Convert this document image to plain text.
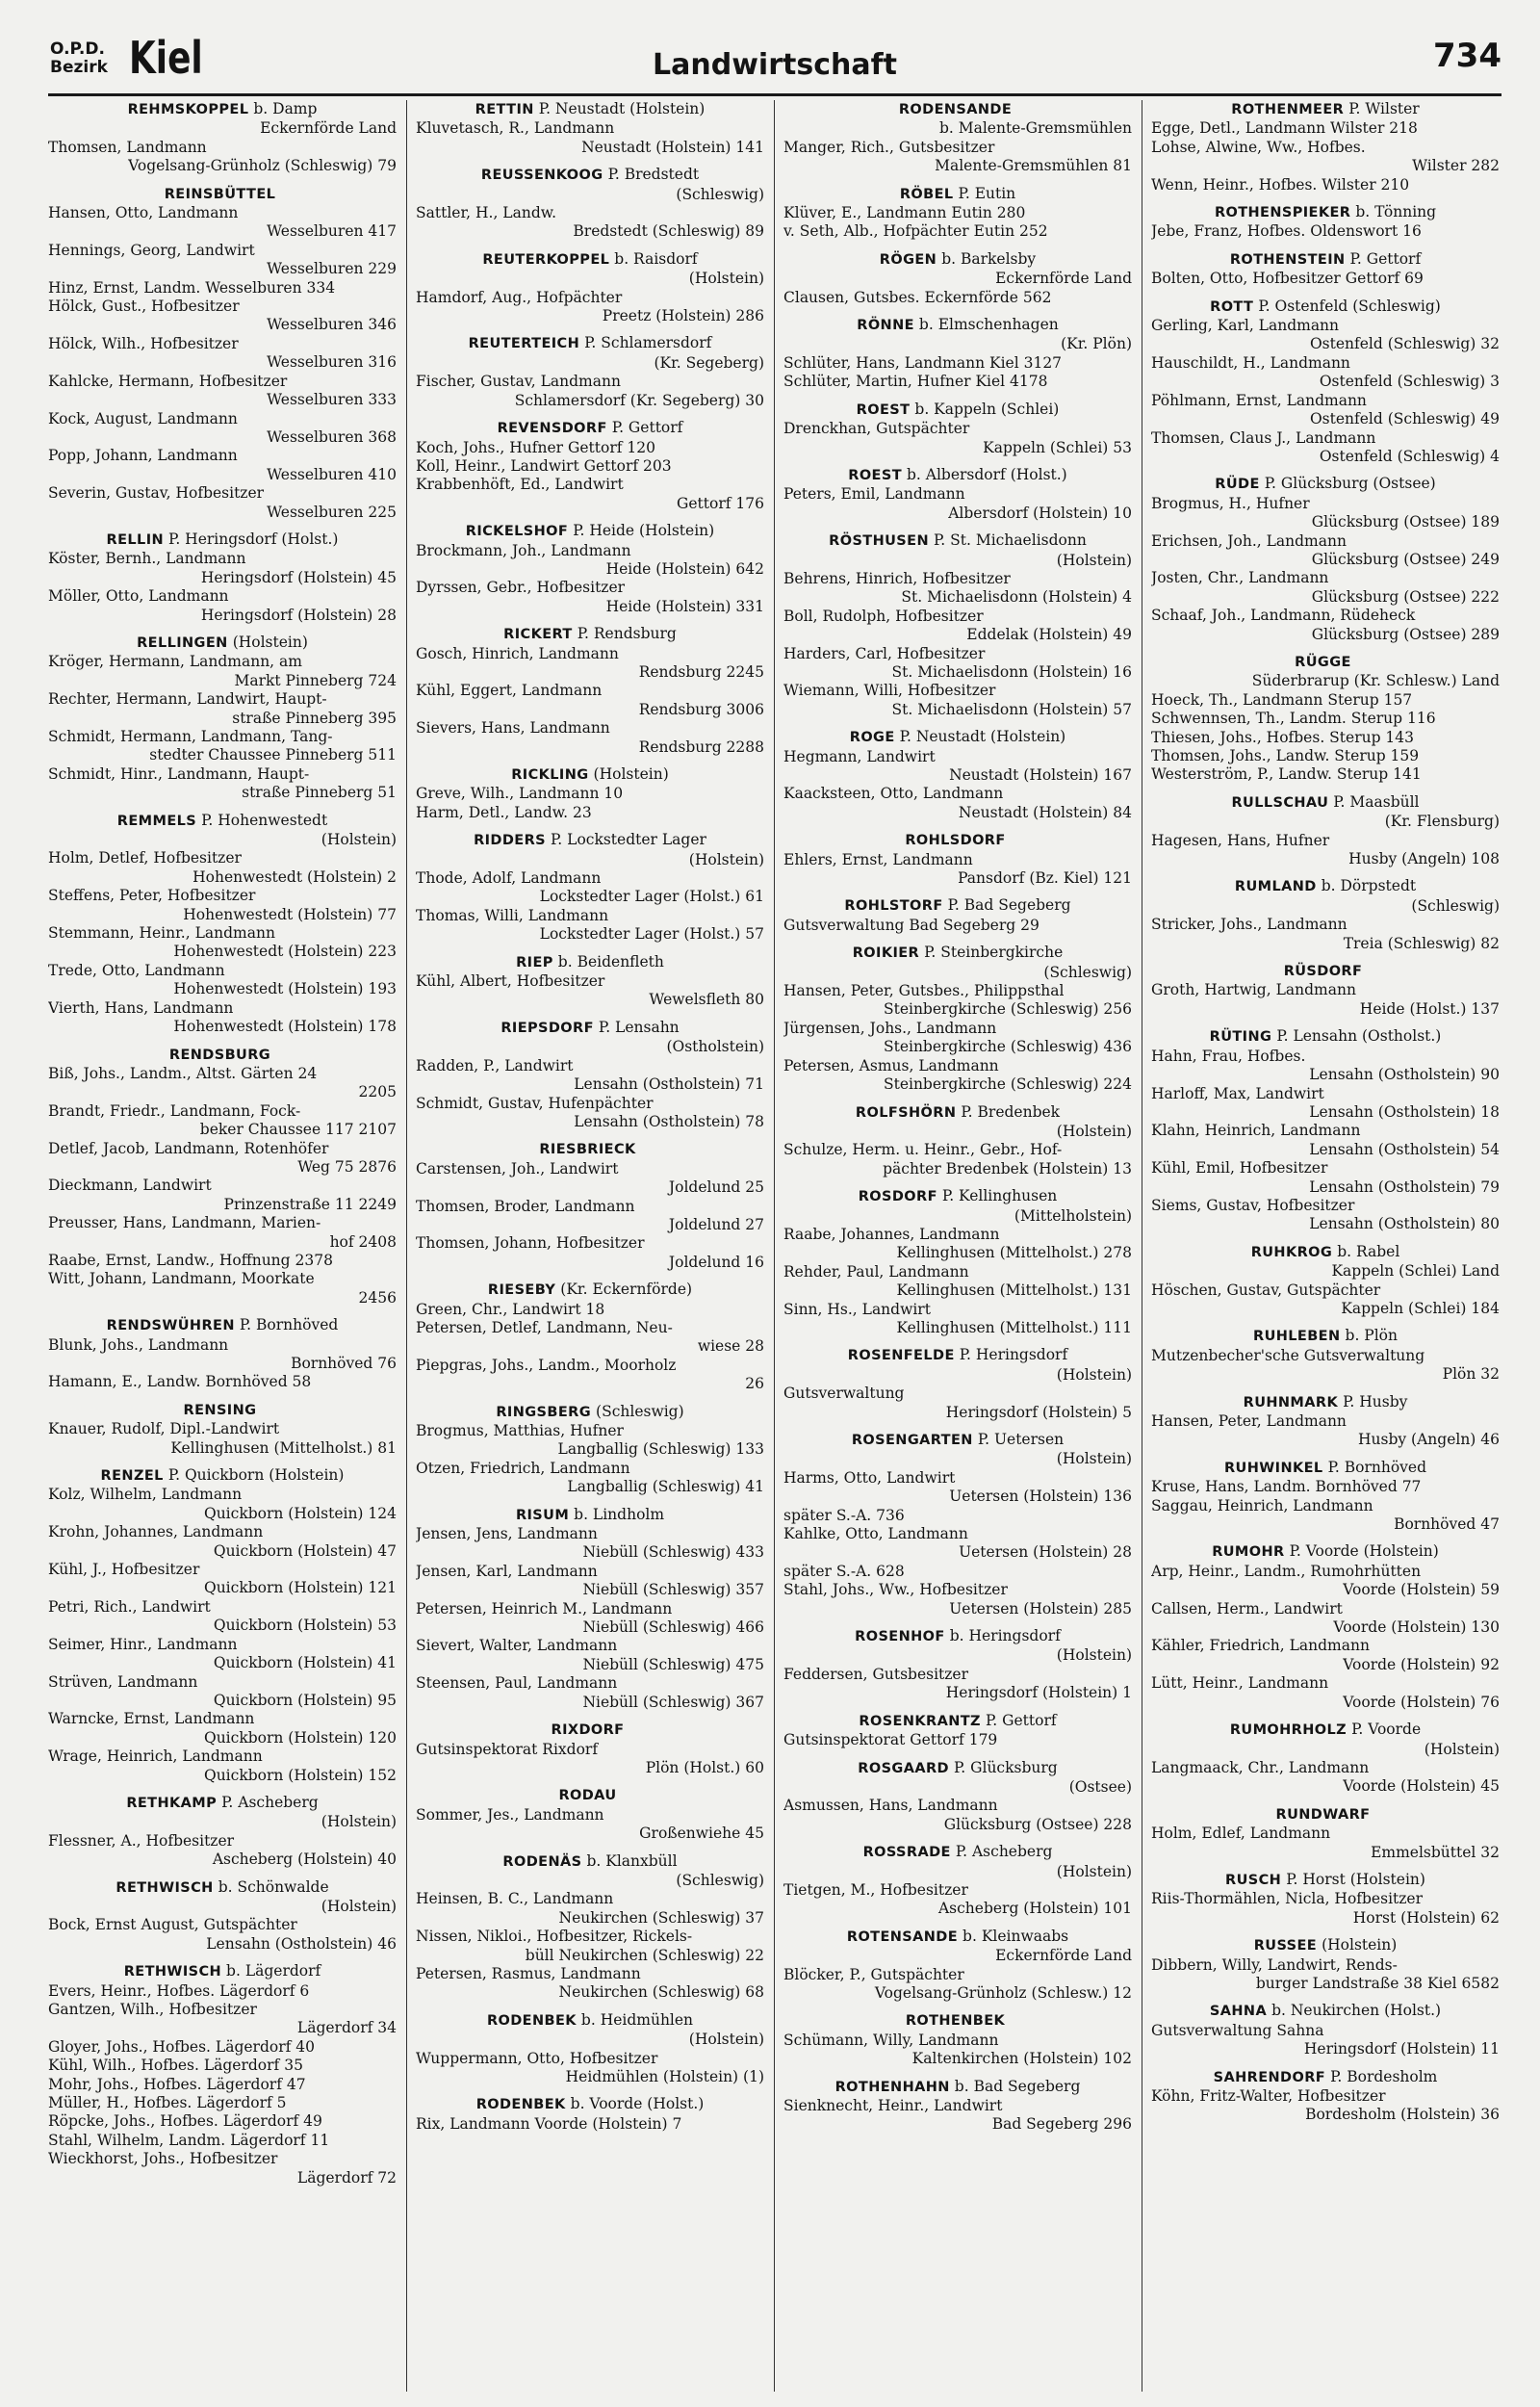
O.P.D.
Bezirk Kiel	Landwirtschaft	734
REHMSKOPPEL b. Damp
Eckernförde Land
Thomsen, Landmann
Vogelsang-Grünholz (Schleswig) 79
REINSBÜTTEL
Hansen, Otto, Landmann
Wesselburen 417
Hennings, Georg, Landwirt
Wesselburen 229
Hinz, Ernst, Landm. Wesselburen 334
Hölck, Gust., Hofbesitzer
Wesselburen 346
Hölck, Wilh., Hofbesitzer
Wesselburen 316
Kahlcke, Hermann, Hofbesitzer
Wesselburen 333
Kock, August, Landmann
Wesselburen 368
Popp, Johann, Landmann
Wesselburen 410
Severin, Gustav, Hofbesitzer
Wesselburen 225
RELLIN P. Heringsdorf (Holst.)
Köster, Bernh., Landmann
Heringsdorf (Holstein) 45
Möller, Otto, Landmann
Heringsdorf (Holstein) 28
RELLINGEN (Holstein)
Kröger, Hermann, Landmann, am
Markt Pinneberg 724
Rechter, Hermann, Landwirt, Haupt-
straße Pinneberg 395
Schmidt, Hermann, Landmann, Tang-
stedter Chaussee Pinneberg 511
Schmidt, Hinr., Landmann, Haupt-
straße Pinneberg 51
REMMELS P. Hohenwestedt
(Holstein)
Holm, Detlef, Hofbesitzer
Hohenwestedt (Holstein) 2
Steffens, Peter, Hofbesitzer
Hohenwestedt (Holstein) 77
Stemmann, Heinr., Landmann
Hohenwestedt (Holstein) 223
Trede, Otto, Landmann
Hohenwestedt (Holstein) 193
Vierth, Hans, Landmann
Hohenwestedt (Holstein) 178
RENDSBURG
Biß, Johs., Landm., Altst. Gärten 24
2205
Brandt, Friedr., Landmann, Fock-
beker Chaussee 117 2107
Detlef, Jacob, Landmann, Rotenhöfer
Weg 75 2876
Dieckmann, Landwirt
Prinzenstraße 11 2249
Preusser, Hans, Landmann, Marien-
hof 2408
Raabe, Ernst, Landw., Hoffnung 2378
Witt, Johann, Landmann, Moorkate
2456
RENDSWÜHREN P. Bornhöved
Blunk, Johs., Landmann
Bornhöved 76
Hamann, E., Landw. Bornhöved 58
RENSING
Knauer, Rudolf, Dipl.-Landwirt
Kellinghusen (Mittelholst.) 81
RENZEL P. Quickborn (Holstein)
Kolz, Wilhelm, Landmann
Quickborn (Holstein) 124
Krohn, Johannes, Landmann
Quickborn (Holstein) 47
Kühl, J., Hofbesitzer
Quickborn (Holstein) 121
Petri, Rich., Landwirt
Quickborn (Holstein) 53
Seimer, Hinr., Landmann
Quickborn (Holstein) 41
Strüven, Landmann
Quickborn (Holstein) 95
Warncke, Ernst, Landmann
Quickborn (Holstein) 120
Wrage, Heinrich, Landmann
Quickborn (Holstein) 152
RETHKAMP P. Ascheberg
(Holstein)
Flessner, A., Hofbesitzer
Ascheberg (Holstein) 40
RETHWISCH b. Schönwalde
(Holstein)
Bock, Ernst August, Gutspächter
Lensahn (Ostholstein) 46
RETHWISCH b. Lägerdorf
Evers, Heinr., Hofbes. Lägerdorf 6
Gantzen, Wilh., Hofbesitzer
Lägerdorf 34
Gloyer, Johs., Hofbes. Lägerdorf 40
Kühl, Wilh., Hofbes. Lägerdorf 35
Mohr, Johs., Hofbes. Lägerdorf 47
Müller, H., Hofbes. Lägerdorf 5
Röpcke, Johs., Hofbes. Lägerdorf 49
Stahl, Wilhelm, Landm. Lägerdorf 11
Wieckhorst, Johs., Hofbesitzer
Lägerdorf 72
RETTIN P. Neustadt (Holstein)
Kluvetasch, R., Landmann
Neustadt (Holstein) 141
REUSSENKOOG P. Bredstedt
(Schleswig)
Sattler, H., Landw.
Bredstedt (Schleswig) 89
REUTERKOPPEL b. Raisdorf
(Holstein)
Hamdorf, Aug., Hofpächter
Preetz (Holstein) 286
REUTERTEICH P. Schlamersdorf
(Kr. Segeberg)
Fischer, Gustav, Landmann
Schlamersdorf (Kr. Segeberg) 30
REVENSDORF P. Gettorf
Koch, Johs., Hufner Gettorf 120
Koll, Heinr., Landwirt Gettorf 203
Krabbenhöft, Ed., Landwirt
Gettorf 176
RICKELSHOF P. Heide (Holstein)
Brockmann, Joh., Landmann
Heide (Holstein) 642
Dyrssen, Gebr., Hofbesitzer
Heide (Holstein) 331
RICKERT P. Rendsburg
Gosch, Hinrich, Landmann
Rendsburg 2245
Kühl, Eggert, Landmann
Rendsburg 3006
Sievers, Hans, Landmann
Rendsburg 2288
RICKLING (Holstein)
Greve, Wilh., Landmann 10
Harm, Detl., Landw. 23
RIDDERS P. Lockstedter Lager
(Holstein)
Thode, Adolf, Landmann
Lockstedter Lager (Holst.) 61
Thomas, Willi, Landmann
Lockstedter Lager (Holst.) 57
RIEP b. Beidenfleth
Kühl, Albert, Hofbesitzer
Wewelsfleth 80
RIEPSDORF P. Lensahn
(Ostholstein)
Radden, P., Landwirt
Lensahn (Ostholstein) 71
Schmidt, Gustav, Hufenpächter
Lensahn (Ostholstein) 78
RIESBRIECK
Carstensen, Joh., Landwirt
Joldelund 25
Thomsen, Broder, Landmann
Joldelund 27
Thomsen, Johann, Hofbesitzer
Joldelund 16
RIESEBY (Kr. Eckernförde)
Green, Chr., Landwirt 18
Petersen, Detlef, Landmann, Neu-
wiese 28
Piepgras, Johs., Landm., Moorholz
26
RINGSBERG (Schleswig)
Brogmus, Matthias, Hufner
Langballig (Schleswig) 133
Otzen, Friedrich, Landmann
Langballig (Schleswig) 41
RISUM b. Lindholm
Jensen, Jens, Landmann
Niebüll (Schleswig) 433
Jensen, Karl, Landmann
Niebüll (Schleswig) 357
Petersen, Heinrich M., Landmann
Niebüll (Schleswig) 466
Sievert, Walter, Landmann
Niebüll (Schleswig) 475
Steensen, Paul, Landmann
Niebüll (Schleswig) 367
RIXDORF
Gutsinspektorat Rixdorf
Plön (Holst.) 60
RODAU
Sommer, Jes., Landmann
Großenwiehe 45
RODENÄS b. Klanxbüll
(Schleswig)
Heinsen, B. C., Landmann
Neukirchen (Schleswig) 37
Nissen, Nikloi., Hofbesitzer, Rickels-
büll Neukirchen (Schleswig) 22
Petersen, Rasmus, Landmann
Neukirchen (Schleswig) 68
RODENBEK b. Heidmühlen
(Holstein)
Wuppermann, Otto, Hofbesitzer
Heidmühlen (Holstein) (1)
RODENBEK b. Voorde (Holst.)
Rix, Landmann Voorde (Holstein) 7
RODENSANDE
b. Malente-Gremsmühlen
Manger, Rich., Gutsbesitzer
Malente-Gremsmühlen 81
RÖBEL P. Eutin
Klüver, E., Landmann Eutin 280
v. Seth, Alb., Hofpächter Eutin 252
RÖGEN b. Barkelsby
Eckernförde Land
Clausen, Gutsbes. Eckernförde 562
RÖNNE b. Elmschenhagen
(Kr. Plön)
Schlüter, Hans, Landmann Kiel 3127
Schlüter, Martin, Hufner Kiel 4178
ROEST b. Kappeln (Schlei)
Drenckhan, Gutspächter
Kappeln (Schlei) 53
ROEST b. Albersdorf (Holst.)
Peters, Emil, Landmann
Albersdorf (Holstein) 10
RÖSTHUSEN P. St. Michaelisdonn
(Holstein)
Behrens, Hinrich, Hofbesitzer
St. Michaelisdonn (Holstein) 4
Boll, Rudolph, Hofbesitzer
Eddelak (Holstein) 49
Harders, Carl, Hofbesitzer
St. Michaelisdonn (Holstein) 16
Wiemann, Willi, Hofbesitzer
St. Michaelisdonn (Holstein) 57
ROGE P. Neustadt (Holstein)
Hegmann, Landwirt
Neustadt (Holstein) 167
Kaacksteen, Otto, Landmann
Neustadt (Holstein) 84
ROHLSDORF
Ehlers, Ernst, Landmann
Pansdorf (Bz. Kiel) 121
ROHLSTORF P. Bad Segeberg
Gutsverwaltung Bad Segeberg 29
ROIKIER P. Steinbergkirche
(Schleswig)
Hansen, Peter, Gutsbes., Philippsthal
Steinbergkirche (Schleswig) 256
Jürgensen, Johs., Landmann
Steinbergkirche (Schleswig) 436
Petersen, Asmus, Landmann
Steinbergkirche (Schleswig) 224
ROLFSHÖRN P. Bredenbek
(Holstein)
Schulze, Herm. u. Heinr., Gebr., Hof-
pächter Bredenbek (Holstein) 13
ROSDORF P. Kellinghusen
(Mittelholstein)
Raabe, Johannes, Landmann
Kellinghusen (Mittelholst.) 278
Rehder, Paul, Landmann
Kellinghusen (Mittelholst.) 131
Sinn, Hs., Landwirt
Kellinghusen (Mittelholst.) 111
ROSENFELDE P. Heringsdorf
(Holstein)
Gutsverwaltung
Heringsdorf (Holstein) 5
ROSENGARTEN P. Uetersen
(Holstein)
Harms, Otto, Landwirt
Uetersen (Holstein) 136
später S.-A. 736
Kahlke, Otto, Landmann
Uetersen (Holstein) 28
später S.-A. 628
Stahl, Johs., Ww., Hofbesitzer
Uetersen (Holstein) 285
ROSENHOF b. Heringsdorf
(Holstein)
Feddersen, Gutsbesitzer
Heringsdorf (Holstein) 1
ROSENKRANTZ P. Gettorf
Gutsinspektorat Gettorf 179
ROSGAARD P. Glücksburg
(Ostsee)
Asmussen, Hans, Landmann
Glücksburg (Ostsee) 228
ROSSRADE P. Ascheberg
(Holstein)
Tietgen, M., Hofbesitzer
Ascheberg (Holstein) 101
ROTENSANDE b. Kleinwaabs
Eckernförde Land
Blöcker, P., Gutspächter
Vogelsang-Grünholz (Schlesw.) 12
ROTHENBEK
Schümann, Willy, Landmann
Kaltenkirchen (Holstein) 102
ROTHENHAHN b. Bad Segeberg
Sienknecht, Heinr., Landwirt
Bad Segeberg 296
ROTHENMEER P. Wilster
Egge, Detl., Landmann Wilster 218
Lohse, Alwine, Ww., Hofbes.
Wilster 282
Wenn, Heinr., Hofbes. Wilster 210
ROTHENSPIEKER b. Tönning
Jebe, Franz, Hofbes. Oldenswort 16
ROTHENSTEIN P. Gettorf
Bolten, Otto, Hofbesitzer Gettorf 69
ROTT P. Ostenfeld (Schleswig)
Gerling, Karl, Landmann
Ostenfeld (Schleswig) 32
Hauschildt, H., Landmann
Ostenfeld (Schleswig) 3
Pöhlmann, Ernst, Landmann
Ostenfeld (Schleswig) 49
Thomsen, Claus J., Landmann
Ostenfeld (Schleswig) 4
RÜDE P. Glücksburg (Ostsee)
Brogmus, H., Hufner
Glücksburg (Ostsee) 189
Erichsen, Joh., Landmann
Glücksburg (Ostsee) 249
Josten, Chr., Landmann
Glücksburg (Ostsee) 222
Schaaf, Joh., Landmann, Rüdeheck
Glücksburg (Ostsee) 289
RÜGGE
Süderbrarup (Kr. Schlesw.) Land
Hoeck, Th., Landmann Sterup 157
Schwennsen, Th., Landm. Sterup 116
Thiesen, Johs., Hofbes. Sterup 143
Thomsen, Johs., Landw. Sterup 159
Westerström, P., Landw. Sterup 141
RULLSCHAU P. Maasbüll
(Kr. Flensburg)
Hagesen, Hans, Hufner
Husby (Angeln) 108
RUMLAND b. Dörpstedt
(Schleswig)
Stricker, Johs., Landmann
Treia (Schleswig) 82
RÜSDORF
Groth, Hartwig, Landmann
Heide (Holst.) 137
RÜTING P. Lensahn (Ostholst.)
Hahn, Frau, Hofbes.
Lensahn (Ostholstein) 90
Harloff, Max, Landwirt
Lensahn (Ostholstein) 18
Klahn, Heinrich, Landmann
Lensahn (Ostholstein) 54
Kühl, Emil, Hofbesitzer
Lensahn (Ostholstein) 79
Siems, Gustav, Hofbesitzer
Lensahn (Ostholstein) 80
RUHKROG b. Rabel
Kappeln (Schlei) Land
Höschen, Gustav, Gutspächter
Kappeln (Schlei) 184
RUHLEBEN b. Plön
Mutzenbecher'sche Gutsverwaltung
Plön 32
RUHNMARK P. Husby
Hansen, Peter, Landmann
Husby (Angeln) 46
RUHWINKEL P. Bornhöved
Kruse, Hans, Landm. Bornhöved 77
Saggau, Heinrich, Landmann
Bornhöved 47
RUMOHR P. Voorde (Holstein)
Arp, Heinr., Landm., Rumohrhütten
Voorde (Holstein) 59
Callsen, Herm., Landwirt
Voorde (Holstein) 130
Kähler, Friedrich, Landmann
Voorde (Holstein) 92
Lütt, Heinr., Landmann
Voorde (Holstein) 76
RUMOHRHOLZ P. Voorde
(Holstein)
Langmaack, Chr., Landmann
Voorde (Holstein) 45
RUNDWARF
Holm, Edlef, Landmann
Emmelsbüttel 32
RUSCH P. Horst (Holstein)
Riis-Thormählen, Nicla, Hofbesitzer
Horst (Holstein) 62
RUSSEE (Holstein)
Dibbern, Willy, Landwirt, Rends-
burger Landstraße 38 Kiel 6582
SAHNA b. Neukirchen (Holst.)
Gutsverwaltung Sahna
Heringsdorf (Holstein) 11
SAHRENDORF P. Bordesholm
Köhn, Fritz-Walter, Hofbesitzer
Bordesholm (Holstein) 36
